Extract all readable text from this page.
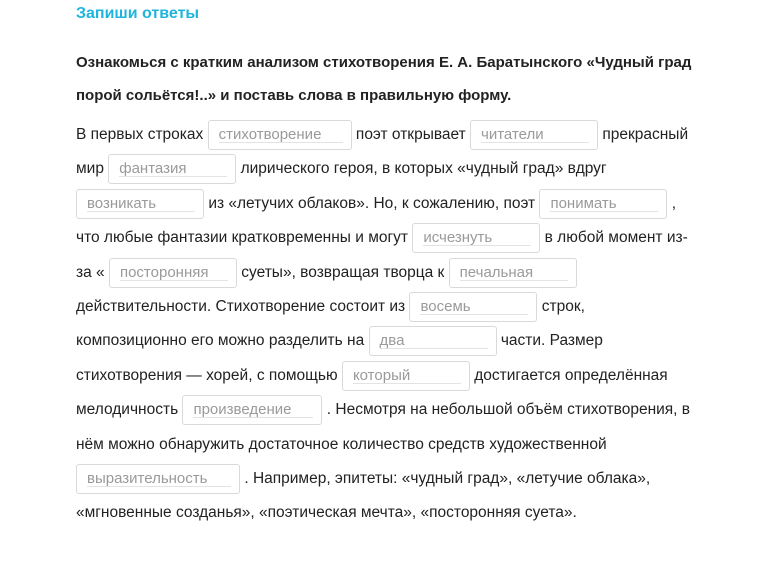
Запиши ответы
Ознакомься с кратким анализом стихотворения Е. А. Баратынского «Чудный град порой сольётся!..» и поставь слова в правильную форму.
В первых строках стихотворение поэт открывает читатели	прекрасный мир фантазия	лирического героя, в которых «чудный град» вдруг возникать	из «летучих облаков». Но, к сожалению, поэт понимать	, что любые фантазии кратковременны и могут исчезнуть	в любой момент из-за « посторонняя суеты», возвращая творца к печальная действительности. Стихотворение состоит из восемь	строк, композиционно его можно разделить на два	части. Размер стихотворения — хорей, с помощью который	достигается определённая мелодичность произведение . Несмотря на небольшой объём стихотворения, в нём можно обнаружить достаточное количество средств художественной выразительность . Например, эпитеты: «чудный град», «летучие облака», «мгновенные созданья», «поэтическая мечта», «посторонняя суета».
